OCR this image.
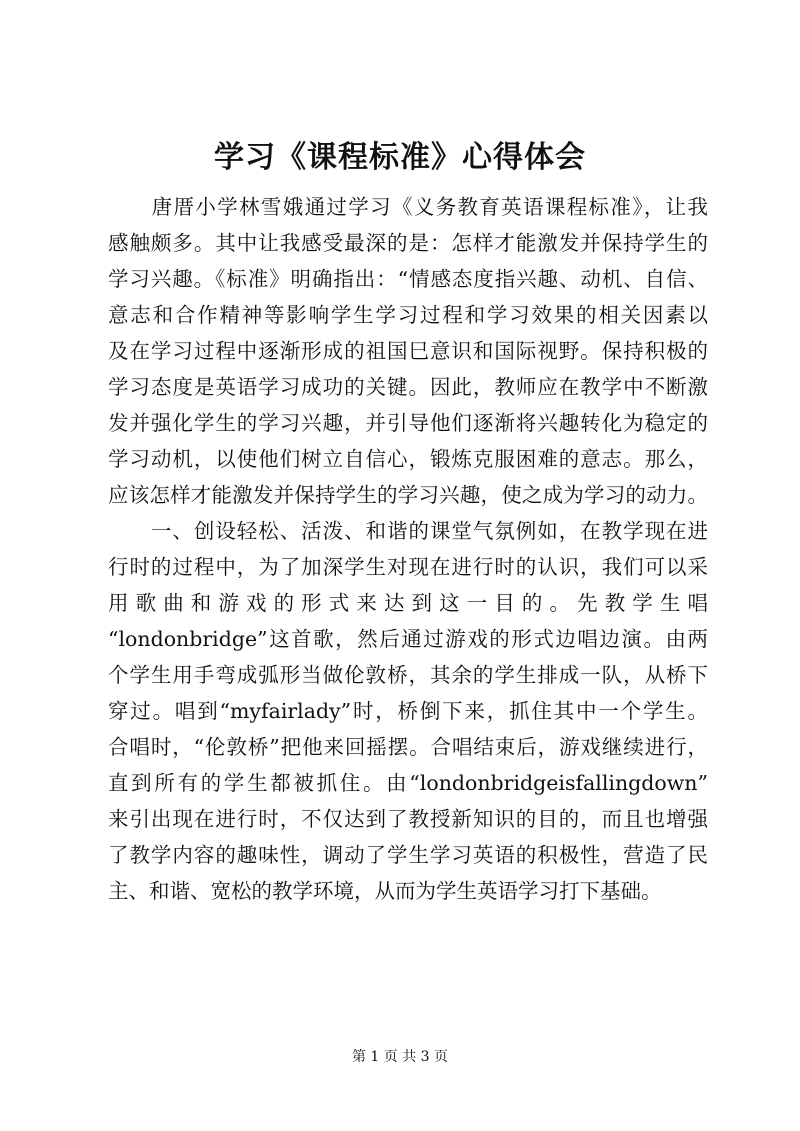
学习《课程标准》心得体会
　　唐厝小学林雪娥通过学习《义务教育英语课程标准》，让我
感触颇多。其中让我感受最深的是：怎样才能激发并保持学生的
学习兴趣。《标准》明确指出：“情感态度指兴趣、动机、自信、
意志和合作精神等影响学生学习过程和学习效果的相关因素以
及在学习过程中逐渐形成的祖国巳意识和国际视野。保持积极的
学习态度是英语学习成功的关键。因此，教师应在教学中不断激
发并强化学生的学习兴趣，并引导他们逐渐将兴趣转化为稳定的
学习动机，以使他们树立自信心，锻炼克服困难的意志。那么，
应该怎样才能激发并保持学生的学习兴趣，使之成为学习的动力。
　　一、创设轻松、活泼、和谐的课堂气氛例如，在教学现在进
行时的过程中，为了加深学生对现在进行时的认识，我们可以采
用歌曲和游戏的形式来达到这一目的。先教学生唱
“londonbridge”这首歌，然后通过游戏的形式边唱边演。由两
个学生用手弯成弧形当做伦敦桥，其余的学生排成一队，从桥下
穿过。唱到“myfairlady”时，桥倒下来，抓住其中一个学生。
合唱时，“伦敦桥”把他来回摇摆。合唱结束后，游戏继续进行，
直到所有的学生都被抓住。由“londonbridgeisfallingdown”
来引出现在进行时，不仅达到了教授新知识的目的，而且也增强
了教学内容的趣味性，调动了学生学习英语的积极性，营造了民
主、和谐、宽松的教学环境，从而为学生英语学习打下基础。
第 1 页 共 3 页
